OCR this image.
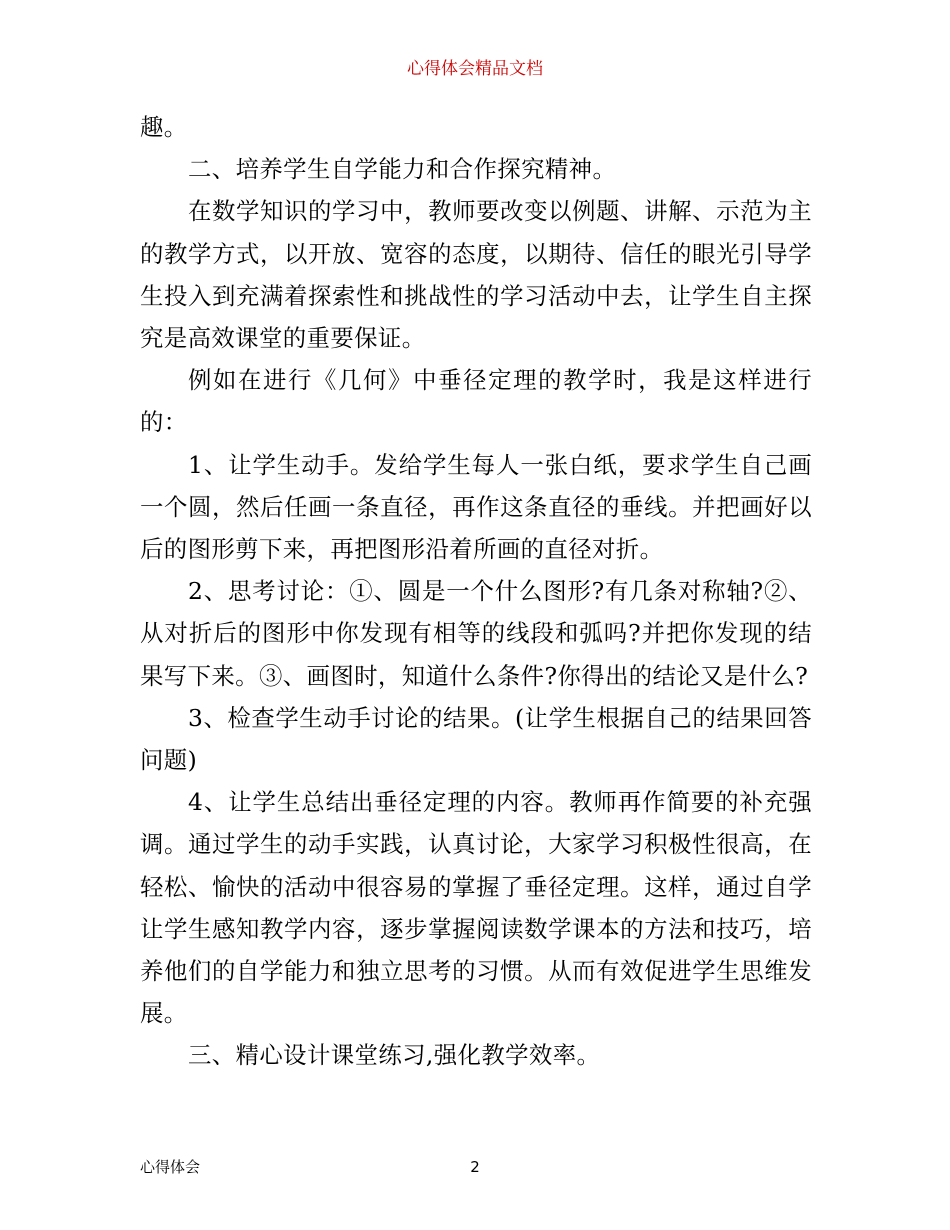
心得体会精品文档

趣。

二、培养学生自学能力和合作探究精神。

在数学知识的学习中，教师要改变以例题、讲解、示范为主的教学方式，以开放、宽容的态度，以期待、信任的眼光引导学生投入到充满着探索性和挑战性的学习活动中去，让学生自主探究是高效课堂的重要保证。

例如在进行《几何》中垂径定理的教学时，我是这样进行的：

1、让学生动手。发给学生每人一张白纸，要求学生自己画一个圆，然后任画一条直径，再作这条直径的垂线。并把画好以后的图形剪下来，再把图形沿着所画的直径对折。

2、思考讨论：①、圆是一个什么图形?有几条对称轴?②、从对折后的图形中你发现有相等的线段和弧吗?并把你发现的结果写下来。③、画图时，知道什么条件?你得出的结论又是什么?

3、检查学生动手讨论的结果。(让学生根据自己的结果回答问题)

4、让学生总结出垂径定理的内容。教师再作简要的补充强调。通过学生的动手实践，认真讨论，大家学习积极性很高，在轻松、愉快的活动中很容易的掌握了垂径定理。这样，通过自学让学生感知教学内容，逐步掌握阅读数学课本的方法和技巧，培养他们的自学能力和独立思考的习惯。从而有效促进学生思维发展。

三、精心设计课堂练习,强化教学效率。

心得体会	2
